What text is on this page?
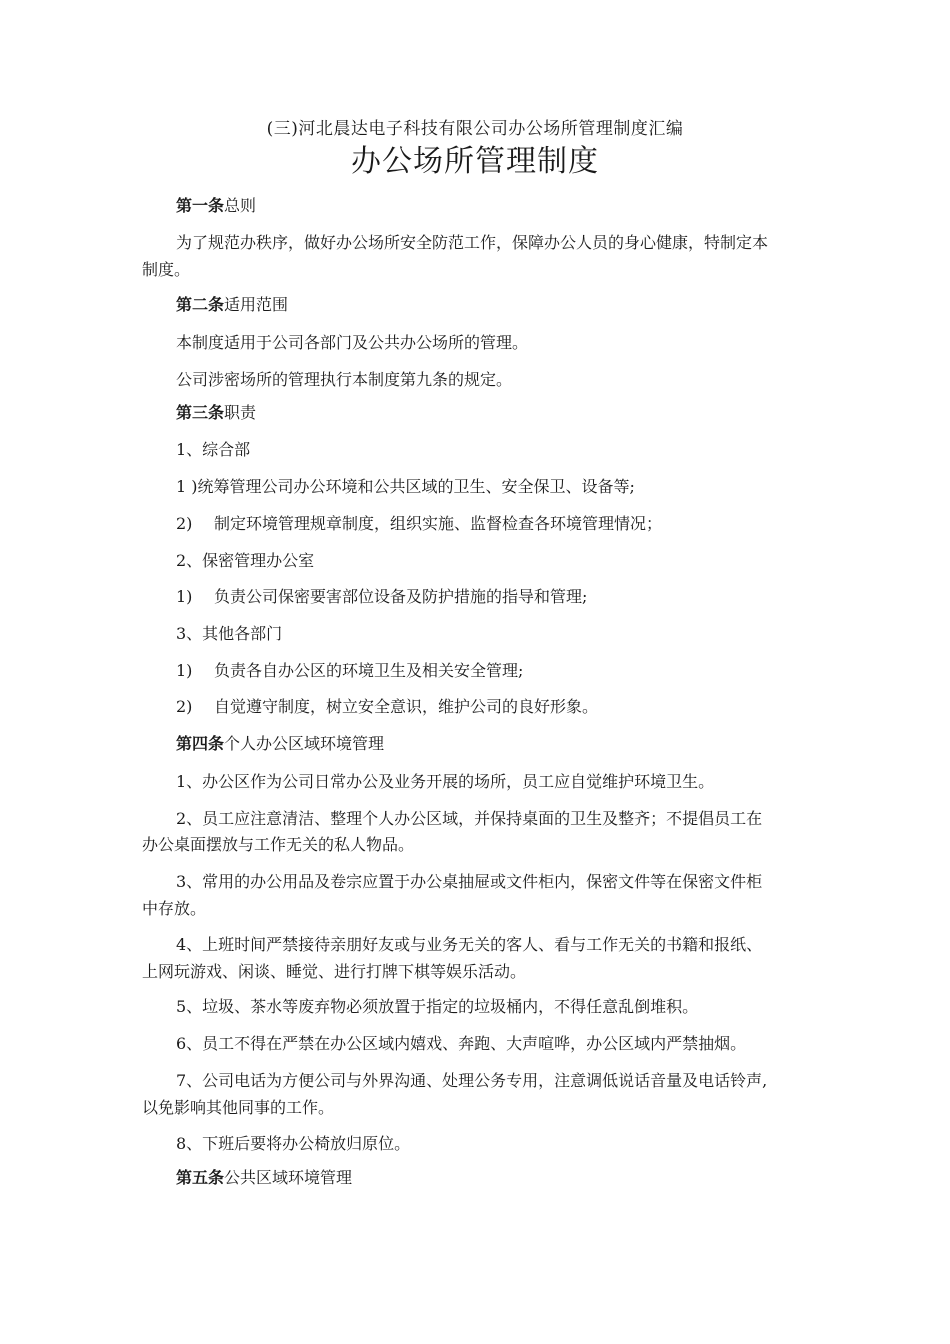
(三)河北晨达电子科技有限公司办公场所管理制度汇编
办公场所管理制度
第一条总则
为了规范办秩序，做好办公场所安全防范工作，保障办公人员的身心健康，特制定本
制度。
第二条适用范围
本制度适用于公司各部门及公共办公场所的管理。
公司涉密场所的管理执行本制度第九条的规定。
第三条职责
1、综合部
1 )统筹管理公司办公环境和公共区域的卫生、安全保卫、设备等;
2) 制定环境管理规章制度，组织实施、监督检查各环境管理情况；
2、保密管理办公室
1) 负责公司保密要害部位设备及防护措施的指导和管理;
3、其他各部门
1) 负责各自办公区的环境卫生及相关安全管理;
2) 自觉遵守制度，树立安全意识，维护公司的良好形象。
第四条个人办公区域环境管理
1、办公区作为公司日常办公及业务开展的场所，员工应自觉维护环境卫生。
2、员工应注意清洁、整理个人办公区域，并保持桌面的卫生及整齐；不提倡员工在
办公桌面摆放与工作无关的私人物品。
3、常用的办公用品及卷宗应置于办公桌抽屉或文件柜内，保密文件等在保密文件柜
中存放。
4、上班时间严禁接待亲朋好友或与业务无关的客人、看与工作无关的书籍和报纸、
上网玩游戏、闲谈、睡觉、进行打牌下棋等娱乐活动。
5、垃圾、茶水等废弃物必须放置于指定的垃圾桶内，不得任意乱倒堆积。
6、员工不得在严禁在办公区域内嬉戏、奔跑、大声喧哗，办公区域内严禁抽烟。
7、公司电话为方便公司与外界沟通、处理公务专用，注意调低说话音量及电话铃声,
以免影响其他同事的工作。
8、下班后要将办公椅放归原位。
第五条公共区域环境管理
